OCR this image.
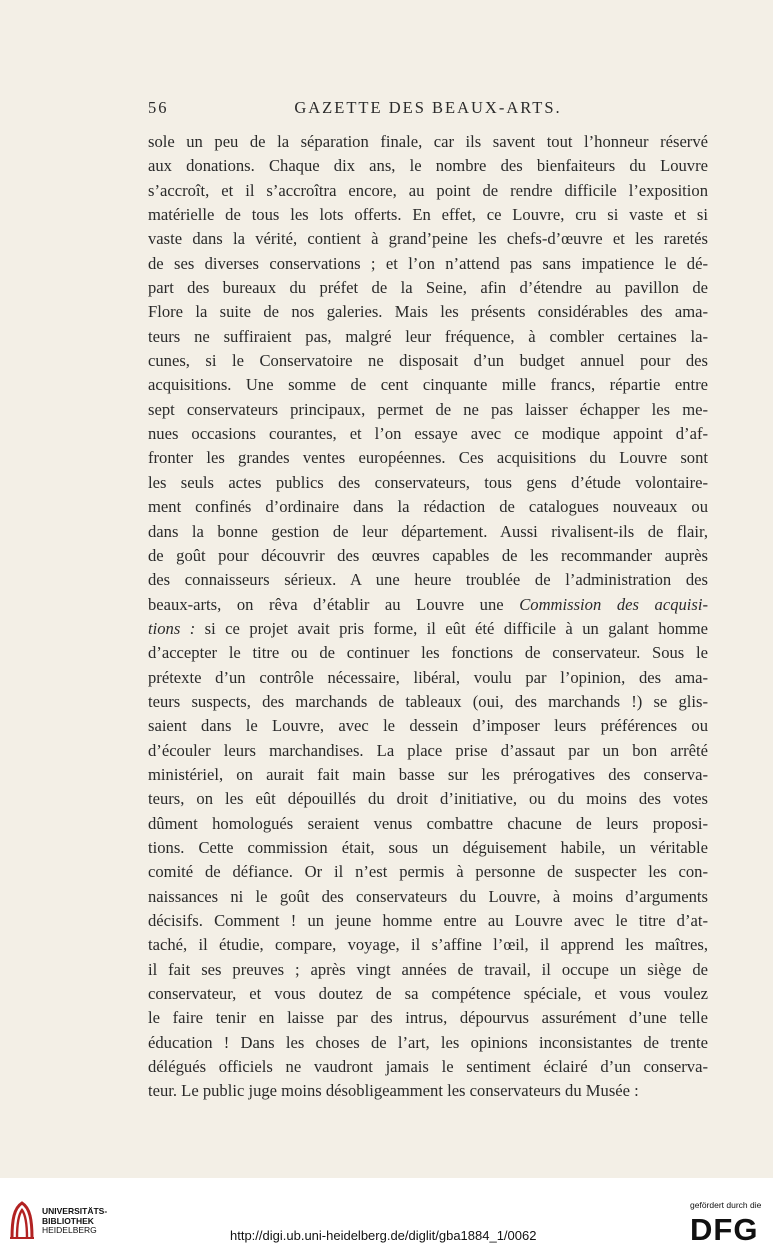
56	GAZETTE DES BEAUX-ARTS.
sole un peu de la séparation finale, car ils savent tout l’honneur réservé
aux donations. Chaque dix ans, le nombre des bienfaiteurs du Louvre
s’accroît, et il s’accroîtra encore, au point de rendre difficile l’exposition
matérielle de tous les lots offerts. En effet, ce Louvre, cru si vaste et si
vaste dans la vérité, contient à grand’peine les chefs-d’œuvre et les raretés
de ses diverses conservations ; et l’on n’attend pas sans impatience le dé-
part des bureaux du préfet de la Seine, afin d’étendre au pavillon de
Flore la suite de nos galeries. Mais les présents considérables des ama-
teurs ne suffiraient pas, malgré leur fréquence, à combler certaines la-
cunes, si le Conservatoire ne disposait d’un budget annuel pour des
acquisitions. Une somme de cent cinquante mille francs, répartie entre
sept conservateurs principaux, permet de ne pas laisser échapper les me-
nues occasions courantes, et l’on essaye avec ce modique appoint d’af-
fronter les grandes ventes européennes. Ces acquisitions du Louvre sont
les seuls actes publics des conservateurs, tous gens d’étude volontaire-
ment confinés d’ordinaire dans la rédaction de catalogues nouveaux ou
dans la bonne gestion de leur département. Aussi rivalisent-ils de flair,
de goût pour découvrir des œuvres capables de les recommander auprès
des connaisseurs sérieux. A une heure troublée de l’administration des
beaux-arts, on rêva d’établir au Louvre une Commission des acquisi-
tions : si ce projet avait pris forme, il eût été difficile à un galant homme
d’accepter le titre ou de continuer les fonctions de conservateur. Sous le
prétexte d’un contrôle nécessaire, libéral, voulu par l’opinion, des ama-
teurs suspects, des marchands de tableaux (oui, des marchands !) se glis-
saient dans le Louvre, avec le dessein d’imposer leurs préférences ou
d’écouler leurs marchandises. La place prise d’assaut par un bon arrêté
ministériel, on aurait fait main basse sur les prérogatives des conserva-
teurs, on les eût dépouillés du droit d’initiative, ou du moins des votes
dûment homologués seraient venus combattre chacune de leurs proposi-
tions. Cette commission était, sous un déguisement habile, un véritable
comité de défiance. Or il n’est permis à personne de suspecter les con-
naissances ni le goût des conservateurs du Louvre, à moins d’arguments
décisifs. Comment ! un jeune homme entre au Louvre avec le titre d’at-
taché, il étudie, compare, voyage, il s’affine l’œil, il apprend les maîtres,
il fait ses preuves ; après vingt années de travail, il occupe un siège de
conservateur, et vous doutez de sa compétence spéciale, et vous voulez
le faire tenir en laisse par des intrus, dépourvus assurément d’une telle
éducation ! Dans les choses de l’art, les opinions inconsistantes de trente
délégués officiels ne vaudront jamais le sentiment éclairé d’un conserva-
teur. Le public juge moins désobligeamment les conservateurs du Musée :
UNIVERSITÄTS-
BIBLIOTHEK
HEIDELBERG	http://digi.ub.uni-heidelberg.de/diglit/gba1884_1/0062
gefördert durch die
DFG
